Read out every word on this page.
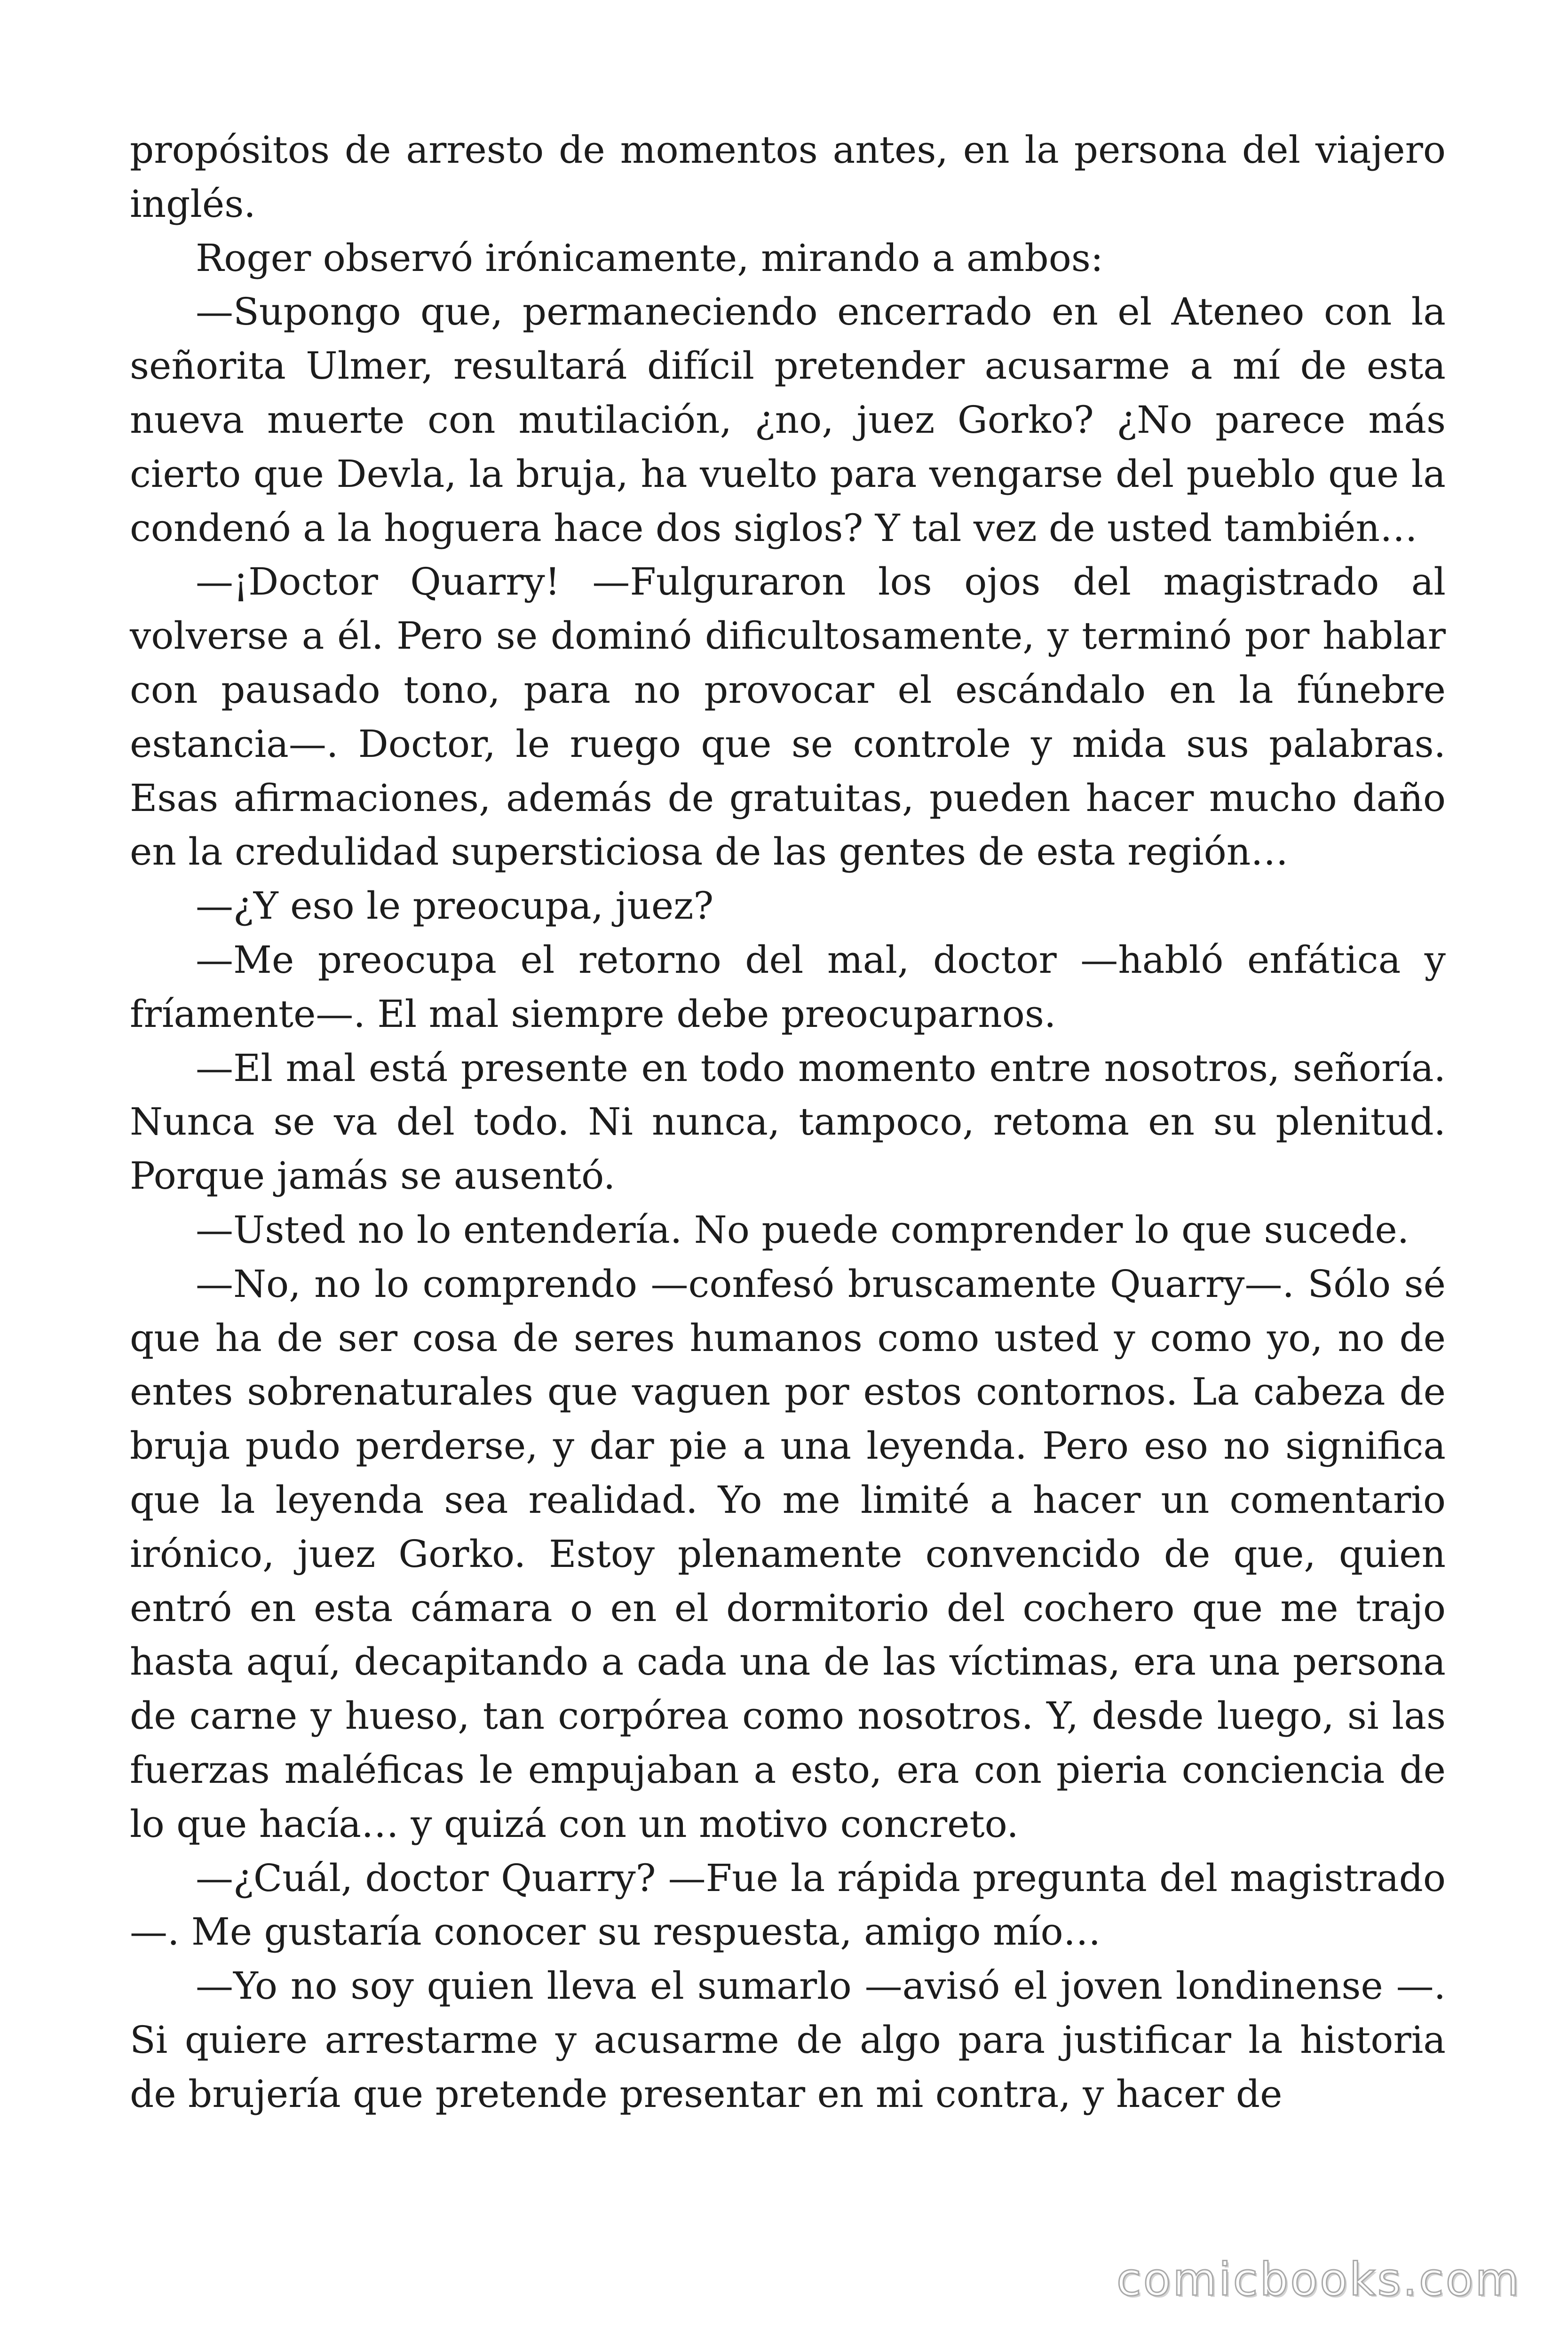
propósitos de arresto de momentos antes, en la persona del viajero inglés.

Roger observó irónicamente, mirando a ambos:

—Supongo que, permaneciendo encerrado en el Ateneo con la señorita Ulmer, resultará difícil pretender acusarme a mí de esta nueva muerte con mutilación, ¿no, juez Gorko? ¿No parece más cierto que Devla, la bruja, ha vuelto para vengarse del pueblo que la condenó a la hoguera hace dos siglos? Y tal vez de usted también…

—¡Doctor Quarry! —Fulguraron los ojos del magistrado al volverse a él. Pero se dominó dificultosamente, y terminó por hablar con pausado tono, para no provocar el escándalo en la fúnebre estancia—. Doctor, le ruego que se controle y mida sus palabras. Esas afirmaciones, además de gratuitas, pueden hacer mucho daño en la credulidad supersticiosa de las gentes de esta región…

—¿Y eso le preocupa, juez?

—Me preocupa el retorno del mal, doctor —habló enfática y fríamente—. El mal siempre debe preocuparnos.

—El mal está presente en todo momento entre nosotros, señoría. Nunca se va del todo. Ni nunca, tampoco, retoma en su plenitud. Porque jamás se ausentó.

—Usted no lo entendería. No puede comprender lo que sucede.

—No, no lo comprendo —confesó bruscamente Quarry—. Sólo sé que ha de ser cosa de seres humanos como usted y como yo, no de entes sobrenaturales que vaguen por estos contornos. La cabeza de bruja pudo perderse, y dar pie a una leyenda. Pero eso no significa que la leyenda sea realidad. Yo me limité a hacer un comentario irónico, juez Gorko. Estoy plenamente convencido de que, quien entró en esta cámara o en el dormitorio del cochero que me trajo hasta aquí, decapitando a cada una de las víctimas, era una persona de carne y hueso, tan corpórea como nosotros. Y, desde luego, si las fuerzas maléficas le empujaban a esto, era con pieria conciencia de lo que hacía… y quizá con un motivo concreto.

—¿Cuál, doctor Quarry? —Fue la rápida pregunta del magistrado—. Me gustaría conocer su respuesta, amigo mío…

—Yo no soy quien lleva el sumarlo —avisó el joven londinense —. Si quiere arrestarme y acusarme de algo para justificar la historia de brujería que pretende presentar en mi contra, y hacer de

comicbooks.com
